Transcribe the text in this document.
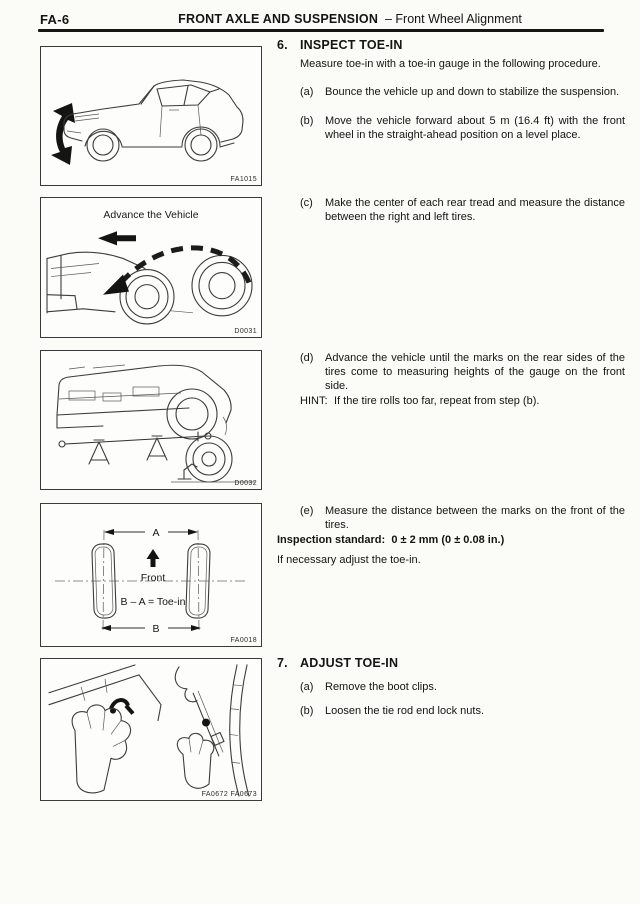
FA-6	FRONT AXLE AND SUSPENSION – Front Wheel Alignment
FA1015
Advance the Vehicle
D0031
D0032
A
Front
B – A = Toe-in
B
FA0018
FA0672 FA0673
6. INSPECT TOE-IN
Measure toe-in with a toe-in gauge in the following procedure.
(a)	Bounce the vehicle up and down to stabilize the suspension.
(b)	Move the vehicle forward about 5 m (16.4 ft) with the front wheel in the straight-ahead position on a level place.
(c)	Make the center of each rear tread and measure the distance between the right and left tires.
(d)	Advance the vehicle until the marks on the rear sides of the tires come to measuring heights of the gauge on the front side.
HINT: If the tire rolls too far, repeat from step (b).
(e)	Measure the distance between the marks on the front of the tires.
Inspection standard: 0 ± 2 mm (0 ± 0.08 in.)
If necessary adjust the toe-in.
7. ADJUST TOE-IN
(a)	Remove the boot clips.
(b)	Loosen the tie rod end lock nuts.
